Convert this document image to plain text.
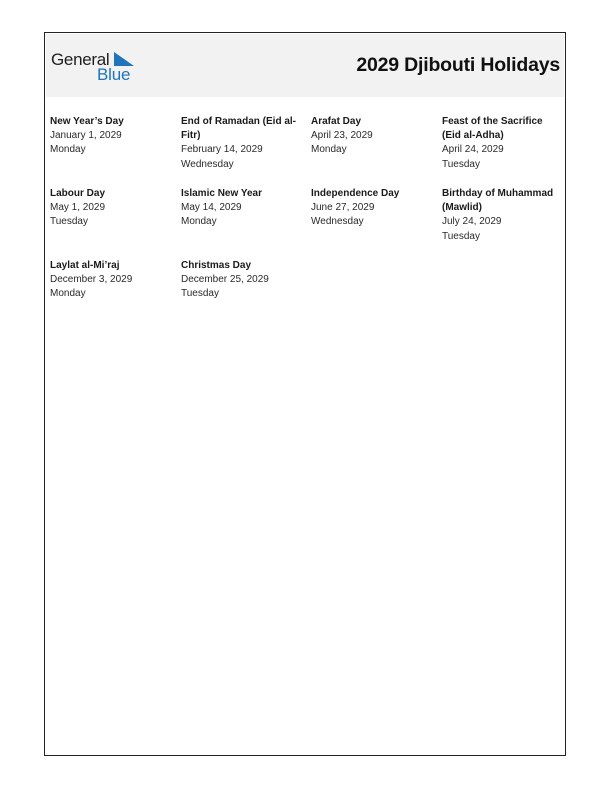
General
Blue	2029 Djibouti Holidays
New Year’s Day
January 1, 2029
Monday
End of Ramadan (Eid al-Fitr)
February 14, 2029
Wednesday
Arafat Day
April 23, 2029
Monday
Feast of the Sacrifice (Eid al-Adha)
April 24, 2029
Tuesday
Labour Day
May 1, 2029
Tuesday
Islamic New Year
May 14, 2029
Monday
Independence Day
June 27, 2029
Wednesday
Birthday of Muhammad (Mawlid)
July 24, 2029
Tuesday
Laylat al-Mi’raj
December 3, 2029
Monday
Christmas Day
December 25, 2029
Tuesday
